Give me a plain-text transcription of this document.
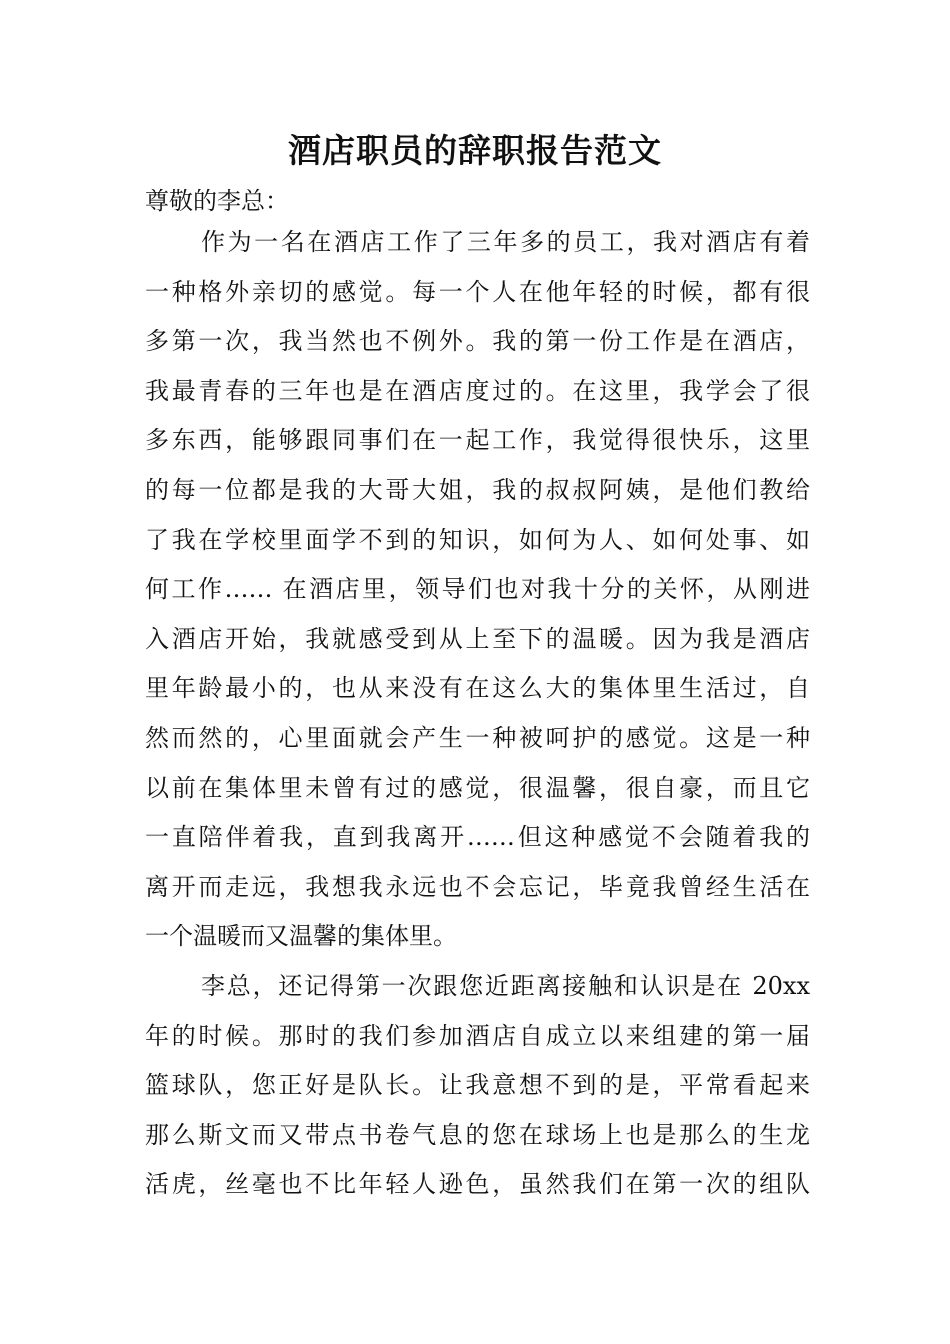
酒店职员的辞职报告范文

尊敬的李总：

作为一名在酒店工作了三年多的员工，我对酒店有着
一种格外亲切的感觉。每一个人在他年轻的时候，都有很
多第一次，我当然也不例外。我的第一份工作是在酒店，
我最青春的三年也是在酒店度过的。在这里，我学会了很
多东西，能够跟同事们在一起工作，我觉得很快乐，这里
的每一位都是我的大哥大姐，我的叔叔阿姨，是他们教给
了我在学校里面学不到的知识，如何为人、如何处事、如
何工作…… 在酒店里，领导们也对我十分的关怀，从刚进
入酒店开始，我就感受到从上至下的温暖。因为我是酒店
里年龄最小的，也从来没有在这么大的集体里生活过，自
然而然的，心里面就会产生一种被呵护的感觉。这是一种
以前在集体里未曾有过的感觉，很温馨，很自豪，而且它
一直陪伴着我，直到我离开……但这种感觉不会随着我的
离开而走远，我想我永远也不会忘记，毕竟我曾经生活在
一个温暖而又温馨的集体里。
李总，还记得第一次跟您近距离接触和认识是在 20xx
年的时候。那时的我们参加酒店自成立以来组建的第一届
篮球队，您正好是队长。让我意想不到的是，平常看起来
那么斯文而又带点书卷气息的您在球场上也是那么的生龙
活虎，丝毫也不比年轻人逊色，虽然我们在第一次的组队
